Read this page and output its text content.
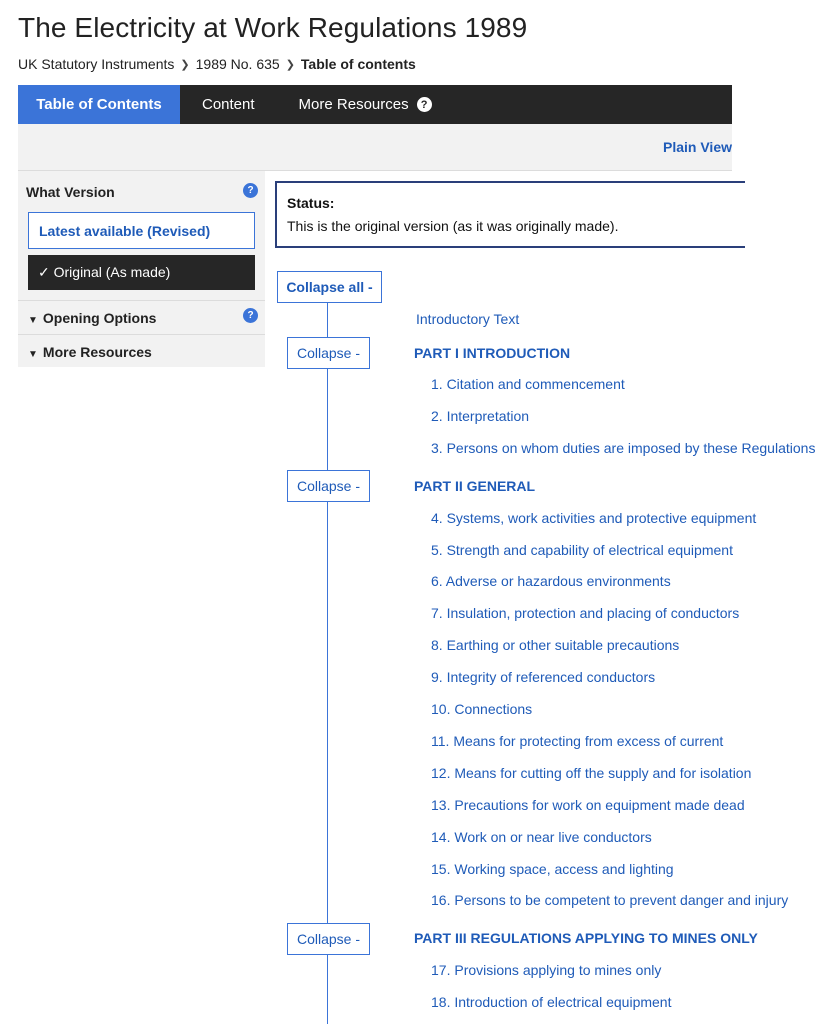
The Electricity at Work Regulations 1989
UK Statutory Instruments ❯ 1989 No. 635 ❯ Table of contents
Table of Contents	Content	More Resources	?
Plain View
What Version	?
Latest available (Revised)
✓ Original (As made)
▼ Opening Options	?
▼ More Resources
Status:
This is the original version (as it was originally made).
Collapse all -
Introductory Text
Collapse -	PART I INTRODUCTION
1. Citation and commencement
2. Interpretation
3. Persons on whom duties are imposed by these Regulations
Collapse -	PART II GENERAL
4. Systems, work activities and protective equipment
5. Strength and capability of electrical equipment
6. Adverse or hazardous environments
7. Insulation, protection and placing of conductors
8. Earthing or other suitable precautions
9. Integrity of referenced conductors
10. Connections
11. Means for protecting from excess of current
12. Means for cutting off the supply and for isolation
13. Precautions for work on equipment made dead
14. Work on or near live conductors
15. Working space, access and lighting
16. Persons to be competent to prevent danger and injury
Collapse -	PART III REGULATIONS APPLYING TO MINES ONLY
17. Provisions applying to mines only
18. Introduction of electrical equipment
